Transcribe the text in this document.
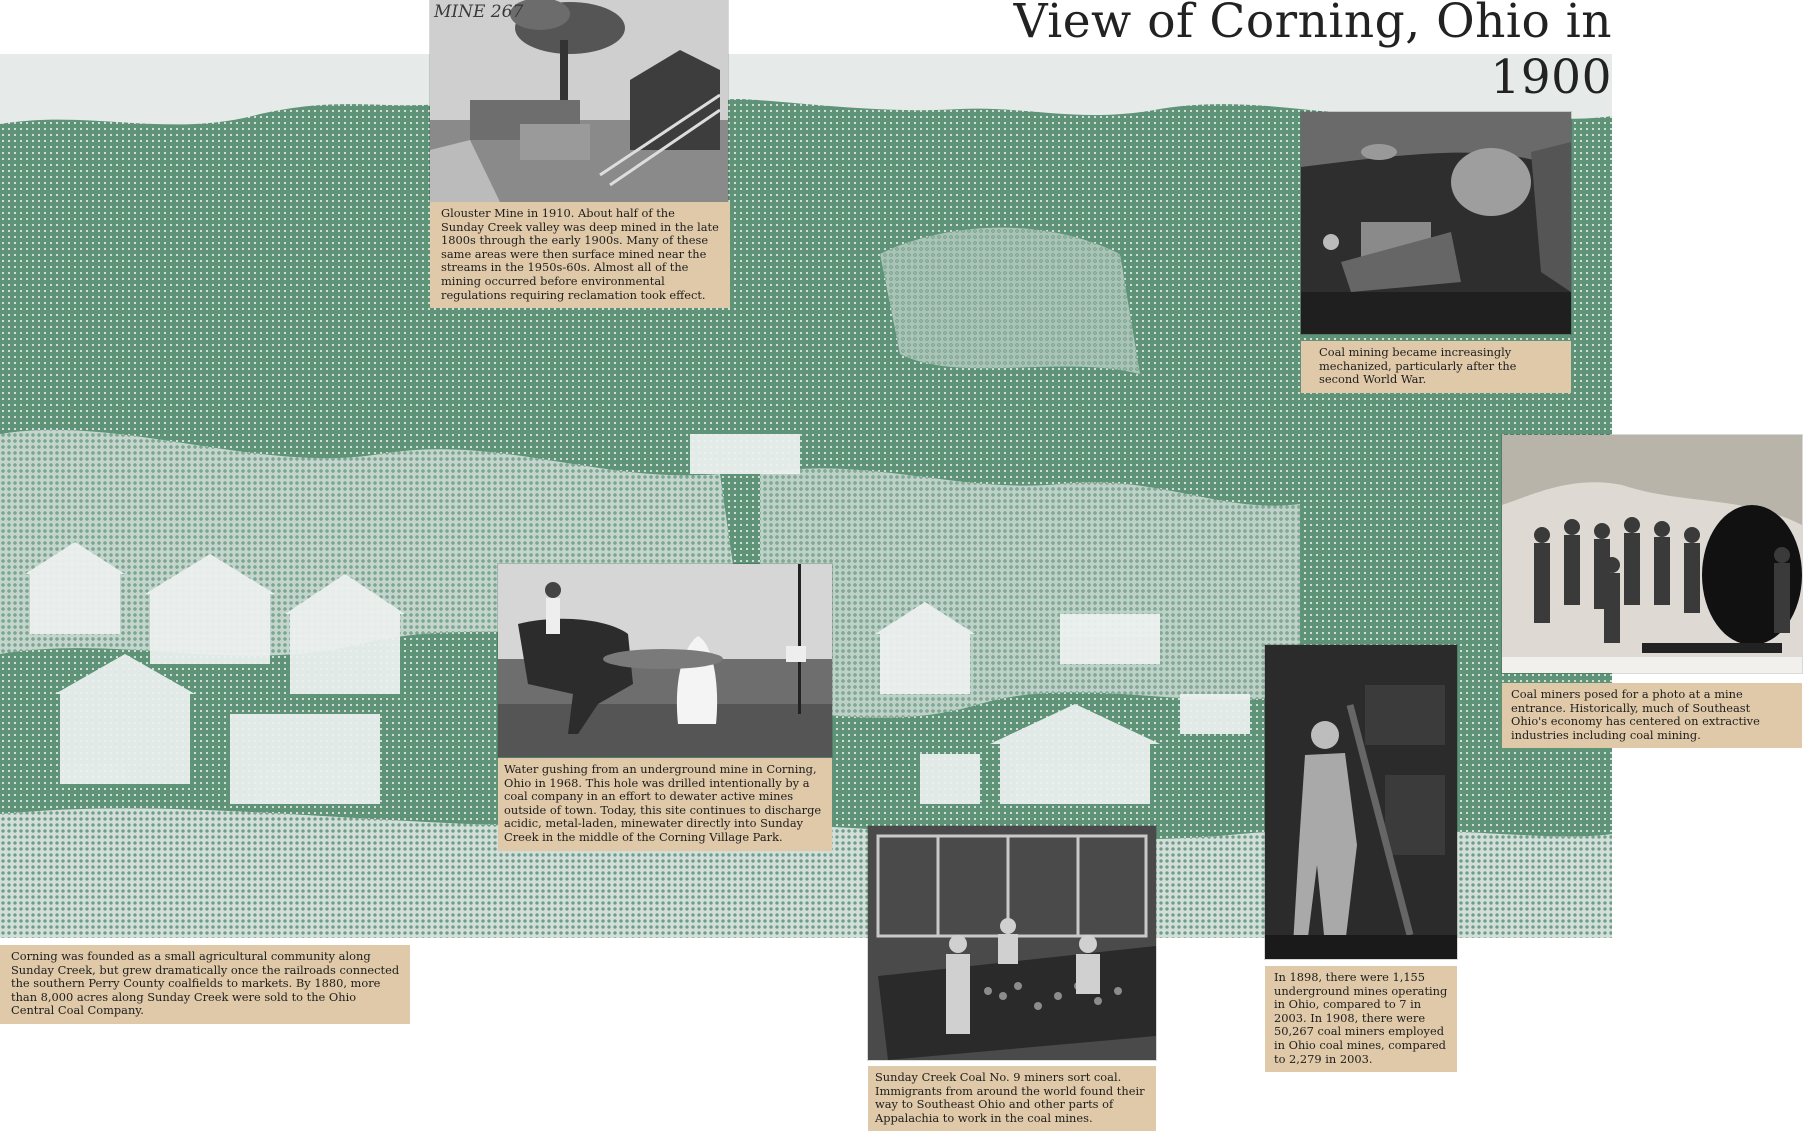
View of Corning, Ohio in 1900
MINE 267

Glouster Mine in 1910. About half of the Sunday Creek valley was deep mined in the late 1800s through the early 1900s. Many of these same areas were then surface mined near the streams in the 1950s-60s. Almost all of the mining occurred before environmental regulations requiring reclamation took effect.

Coal mining became increasingly mechanized, particularly after the second World War.

Coal miners posed for a photo at a mine entrance. Historically, much of Southeast Ohio's economy has centered on extractive industries including coal mining.

Water gushing from an underground mine in Corning, Ohio in 1968. This hole was drilled intentionally by a coal company in an effort to dewater active mines outside of town. Today, this site continues to discharge acidic, metal-laden, minewater directly into Sunday Creek in the middle of the Corning Village Park.

Sunday Creek Coal No. 9 miners sort coal. Immigrants from around the world found their way to Southeast Ohio and other parts of Appalachia to work in the coal mines.

In 1898, there were 1,155 underground mines operating in Ohio, compared to 7 in 2003. In 1908, there were 50,267 coal miners employed in Ohio coal mines, compared to 2,279 in 2003.

Corning was founded as a small agricultural community along Sunday Creek, but grew dramatically once the railroads connected the southern Perry County coalfields to markets. By 1880, more than 8,000 acres along Sunday Creek were sold to the Ohio Central Coal Company.
